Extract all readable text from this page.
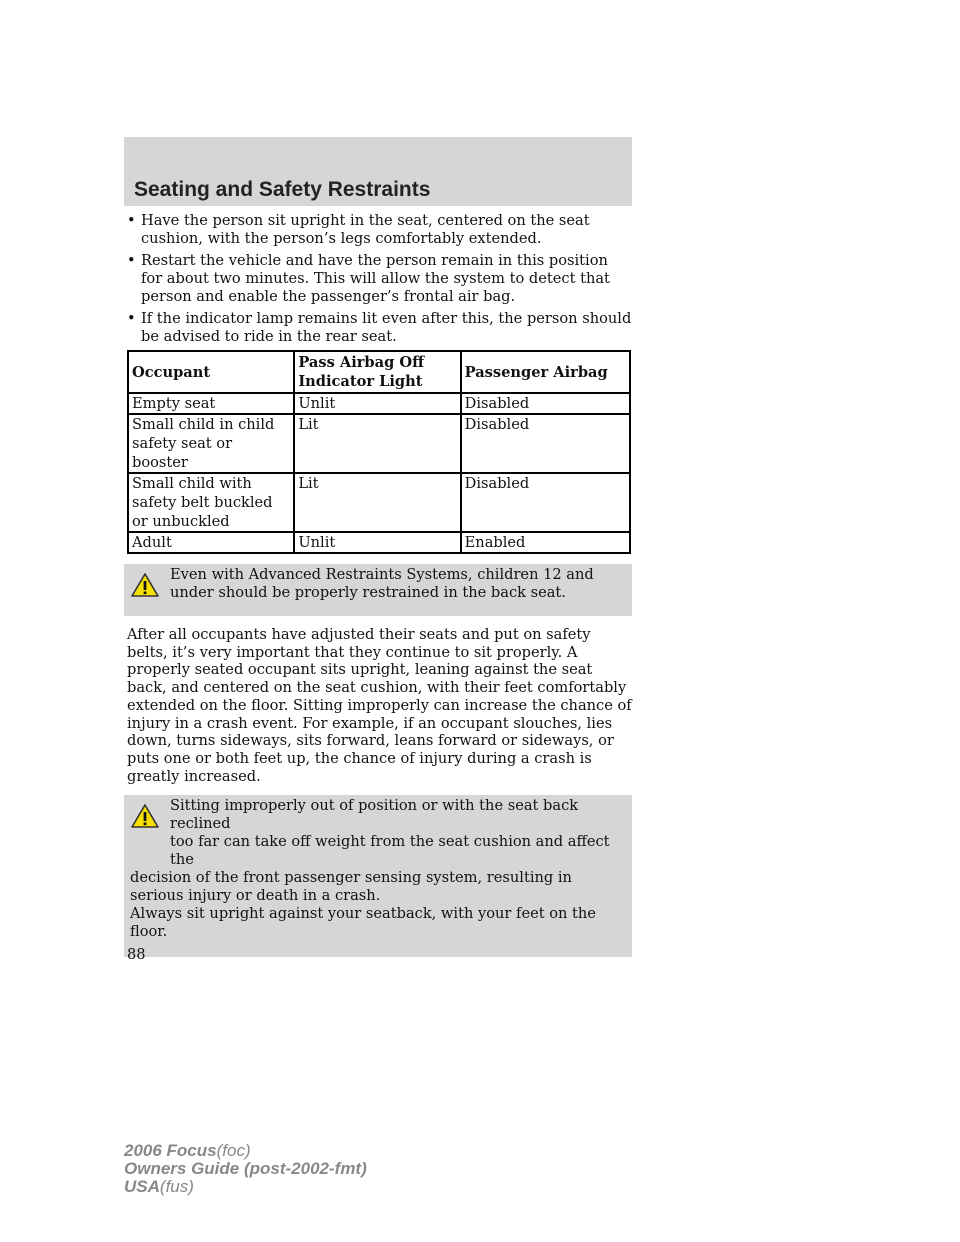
Seating and Safety Restraints
• Have the person sit upright in the seat, centered on the seat cushion, with the person’s legs comfortably extended.
• Restart the vehicle and have the person remain in this position for about two minutes. This will allow the system to detect that person and enable the passenger’s frontal air bag.
• If the indicator lamp remains lit even after this, the person should be advised to ride in the rear seat.
Occupant	Pass Airbag Off Indicator Light	Passenger Airbag
Empty seat	Unlit	Disabled
Small child in child safety seat or booster	Lit	Disabled
Small child with safety belt buckled or unbuckled	Lit	Disabled
Adult	Unlit	Enabled
Even with Advanced Restraints Systems, children 12 and under should be properly restrained in the back seat.

After all occupants have adjusted their seats and put on safety belts, it’s very important that they continue to sit properly. A properly seated occupant sits upright, leaning against the seat back, and centered on the seat cushion, with their feet comfortably extended on the floor. Sitting improperly can increase the chance of injury in a crash event. For example, if an occupant slouches, lies down, turns sideways, sits forward, leans forward or sideways, or puts one or both feet up, the chance of injury during a crash is greatly increased.

Sitting improperly out of position or with the seat back reclined
too far can take off weight from the seat cushion and affect the
decision of the front passenger sensing system, resulting in serious injury or death in a crash.
Always sit upright against your seatback, with your feet on the floor.
88
2006 Focus(foc)
Owners Guide (post-2002-fmt)
USA(fus)
